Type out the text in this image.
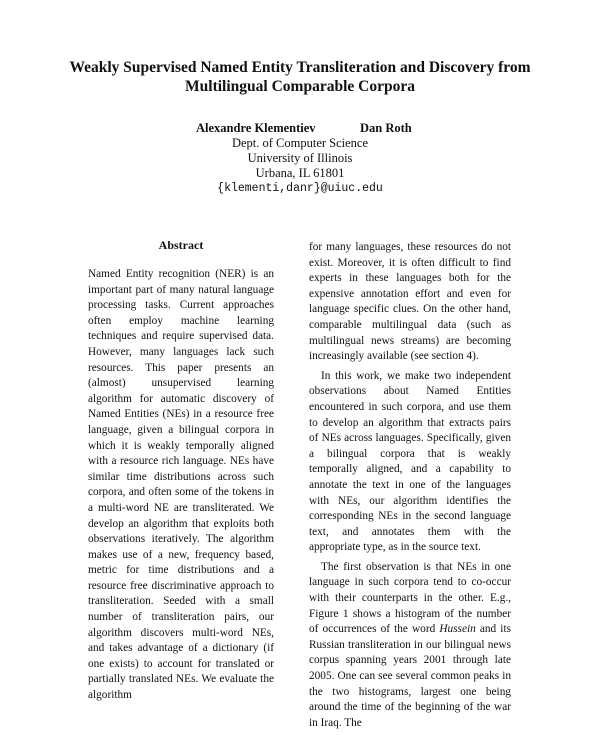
Weakly Supervised Named Entity Transliteration and Discovery from
Multilingual Comparable Corpora
Alexandre Klementiev	Dan Roth
Dept. of Computer Science
University of Illinois
Urbana, IL 61801
{klementi,danr}@uiuc.edu
Abstract

Named Entity recognition (NER) is an important part of many natural language processing tasks. Current approaches often employ machine learning techniques and require supervised data. However, many languages lack such resources. This paper presents an (almost) unsupervised learning algorithm for automatic discovery of Named Entities (NEs) in a resource free language, given a bilingual corpora in which it is weakly temporally aligned with a resource rich language. NEs have similar time distributions across such corpora, and often some of the tokens in a multi-word NE are transliterated. We develop an algorithm that exploits both observations iteratively. The algorithm makes use of a new, frequency based, metric for time distributions and a resource free discriminative approach to transliteration. Seeded with a small number of transliteration pairs, our algorithm discovers multi-word NEs, and takes advantage of a dictionary (if one exists) to account for translated or partially translated NEs. We evaluate the algorithm

for many languages, these resources do not exist. Moreover, it is often difficult to find experts in these languages both for the expensive annotation effort and even for language specific clues. On the other hand, comparable multilingual data (such as multilingual news streams) are becoming increasingly available (see section 4).

In this work, we make two independent observations about Named Entities encountered in such corpora, and use them to develop an algorithm that extracts pairs of NEs across languages. Specifically, given a bilingual corpora that is weakly temporally aligned, and a capability to annotate the text in one of the languages with NEs, our algorithm identifies the corresponding NEs in the second language text, and annotates them with the appropriate type, as in the source text.

The first observation is that NEs in one language in such corpora tend to co-occur with their counterparts in the other. E.g., Figure 1 shows a histogram of the number of occurrences of the word Hussein and its Russian transliteration in our bilingual news corpus spanning years 2001 through late 2005. One can see several common peaks in the two histograms, largest one being around the time of the beginning of the war in Iraq. The
